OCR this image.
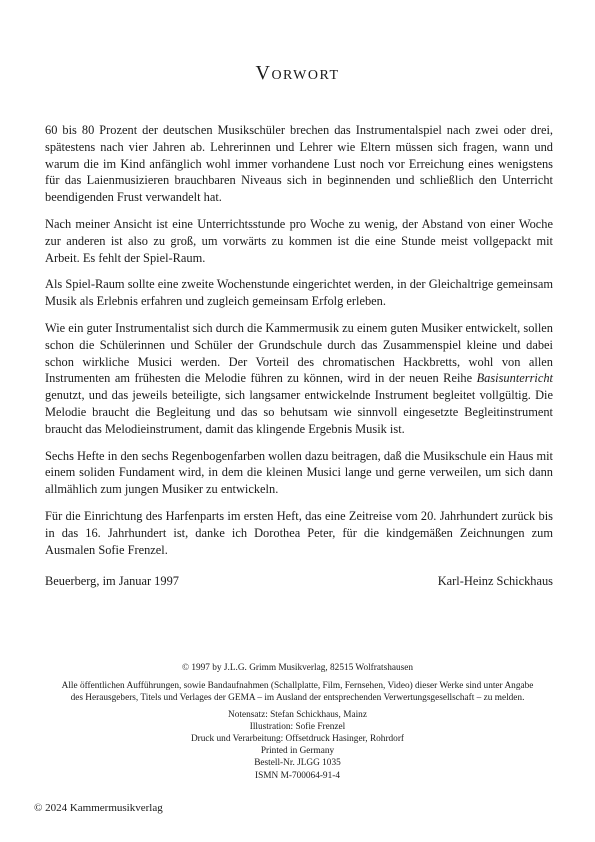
Vorwort

60 bis 80 Prozent der deutschen Musikschüler brechen das Instrumentalspiel nach zwei oder drei, spätestens nach vier Jahren ab. Lehrerinnen und Lehrer wie Eltern müssen sich fragen, wann und warum die im Kind anfänglich wohl immer vorhandene Lust noch vor Erreichung eines wenigstens für das Laienmusizieren brauchbaren Niveaus sich in beginnenden und schließlich den Unterricht beendigenden Frust verwandelt hat.

Nach meiner Ansicht ist eine Unterrichtsstunde pro Woche zu wenig, der Abstand von einer Woche zur anderen ist also zu groß, um vorwärts zu kommen ist die eine Stunde meist vollgepackt mit Arbeit. Es fehlt der Spiel-Raum.

Als Spiel-Raum sollte eine zweite Wochenstunde eingerichtet werden, in der Gleichaltrige gemeinsam Musik als Erlebnis erfahren und zugleich gemeinsam Erfolg erleben.

Wie ein guter Instrumentalist sich durch die Kammermusik zu einem guten Musiker entwickelt, sollen schon die Schülerinnen und Schüler der Grundschule durch das Zusammenspiel kleine und dabei schon wirkliche Musici werden. Der Vorteil des chromatischen Hackbretts, wohl von allen Instrumenten am frühesten die Melodie führen zu können, wird in der neuen Reihe Basisunterricht genutzt, und das jeweils beteiligte, sich langsamer entwickelnde Instrument begleitet vollgültig. Die Melodie braucht die Begleitung und das so behutsam wie sinnvoll eingesetzte Begleitinstrument braucht das Melodieinstrument, damit das klingende Ergebnis Musik ist.

Sechs Hefte in den sechs Regenbogenfarben wollen dazu beitragen, daß die Musikschule ein Haus mit einem soliden Fundament wird, in dem die kleinen Musici lange und gerne verweilen, um sich dann allmählich zum jungen Musiker zu entwickeln.

Für die Einrichtung des Harfenparts im ersten Heft, das eine Zeitreise vom 20. Jahrhundert zurück bis in das 16. Jahrhundert ist, danke ich Dorothea Peter, für die kindgemäßen Zeichnungen zum Ausmalen Sofie Frenzel.

Beuerberg, im Januar 1997	Karl-Heinz Schickhaus
© 1997 by J.L.G. Grimm Musikverlag, 82515 Wolfratshausen
Alle öffentlichen Aufführungen, sowie Bandaufnahmen (Schallplatte, Film, Fernsehen, Video) dieser Werke sind unter Angabe
des Herausgebers, Titels und Verlages der GEMA – im Ausland der entsprechenden Verwertungsgesellschaft – zu melden.
Notensatz: Stefan Schickhaus, Mainz
Illustration: Sofie Frenzel
Druck und Verarbeitung: Offsetdruck Hasinger, Rohrdorf
Printed in Germany
Bestell-Nr. JLGG 1035
ISMN M-700064-91-4
© 2024 Kammermusikverlag
